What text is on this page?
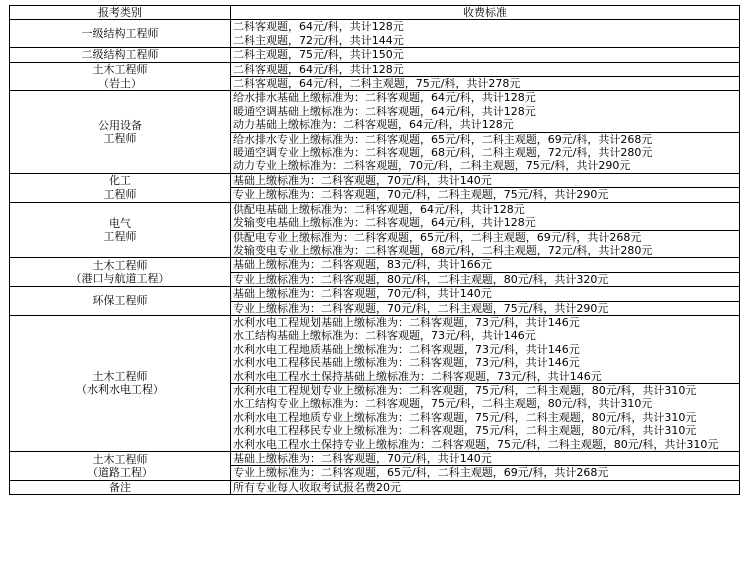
报考类别	收费标准

一级结构工程师	二科客观题，64元/科，共计128元
二科主观题，72元/科，共计144元

二级结构工程师	二科主观题，75元/科，共计150元

土木工程师
（岩土）	二科客观题，64元/科，共计128元

	二科客观题，64元/科，二科主观题，75元/科，共计278元

公用设备
工程师	给水排水基础上缴标准为：二科客观题，64元/科，共计128元
暖通空调基础上缴标准为：二科客观题，64元/科，共计128元
动力基础上缴标准为：二科客观题，64元/科，共计128元

	给水排水专业上缴标准为：二科客观题，65元/科，二科主观题，69元/科，共计268元
暖通空调专业上缴标准为：二科客观题，68元/科，二科主观题，72元/科，共计280元
动力专业上缴标准为：二科客观题，70元/科，二科主观题，75元/科，共计290元

化工
工程师	基础上缴标准为：二科客观题，70元/科，共计140元

	专业上缴标准为：二科客观题，70元/科，二科主观题，75元/科，共计290元

电气
工程师	供配电基础上缴标准为：二科客观题，64元/科，共计128元
发输变电基础上缴标准为：二科客观题，64元/科，共计128元

	供配电专业上缴标准为：二科客观题，65元/科，二科主观题，69元/科，共计268元
发输变电专业上缴标准为：二科客观题，68元/科，二科主观题，72元/科，共计280元

土木工程师
（港口与航道工程）	基础上缴标准为：二科客观题，83元/科，共计166元

	专业上缴标准为：二科客观题，80元/科，二科主观题，80元/科，共计320元

环保工程师	基础上缴标准为：二科客观题，70元/科，共计140元

	专业上缴标准为：二科客观题，70元/科，二科主观题，75元/科，共计290元

土木工程师
（水利水电工程）	水利水电工程规划基础上缴标准为：二科客观题，73元/科，共计146元
水工结构基础上缴标准为：二科客观题，73元/科，共计146元
水利水电工程地质基础上缴标准为：二科客观题，73元/科，共计146元
水利水电工程移民基础上缴标准为：二科客观题，73元/科，共计146元
水利水电工程水土保持基础上缴标准为：二科客观题，73元/科，共计146元

	水利水电工程规划专业上缴标准为：二科客观题，75元/科，二科主观题，80元/科，共计310元
水工结构专业上缴标准为：二科客观题，75元/科，二科主观题，80元/科，共计310元
水利水电工程地质专业上缴标准为：二科客观题，75元/科，二科主观题，80元/科，共计310元
水利水电工程移民专业上缴标准为：二科客观题，75元/科，二科主观题，80元/科，共计310元
水利水电工程水土保持专业上缴标准为：二科客观题，75元/科，二科主观题，80元/科，共计310元

土木工程师
（道路工程）	基础上缴标准为：二科客观题，70元/科，共计140元

	专业上缴标准为：二科客观题，65元/科，二科主观题，69元/科，共计268元

备注	所有专业每人收取考试报名费20元
